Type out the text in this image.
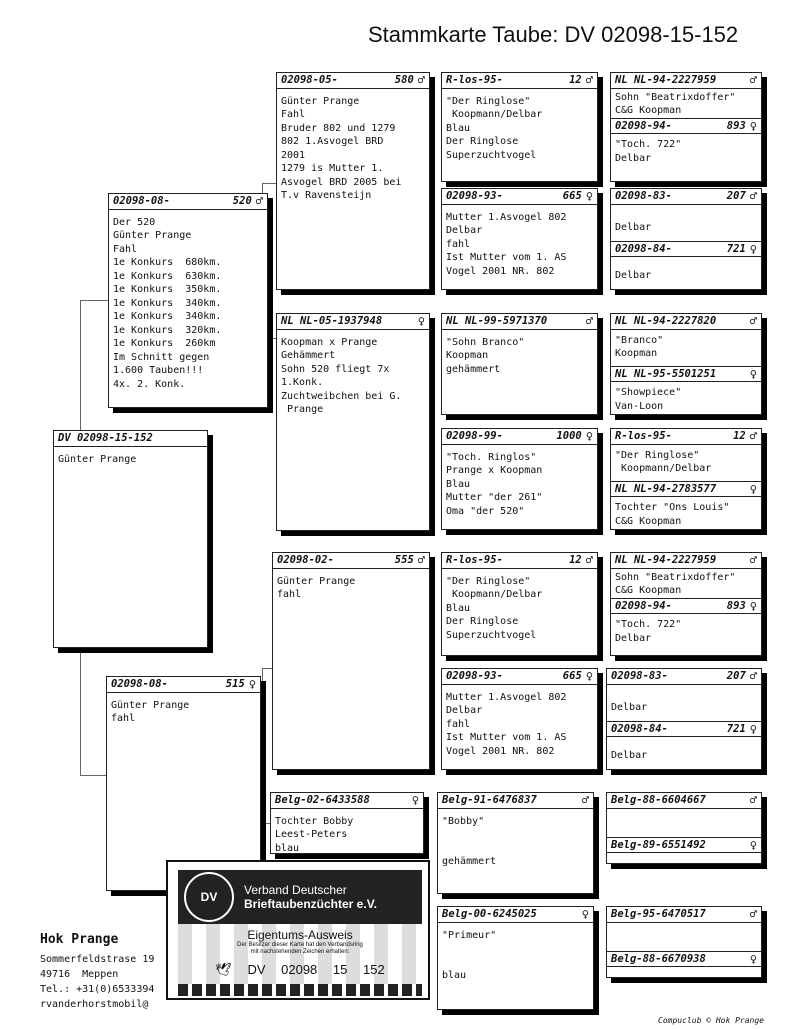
Stammkarte Taube: DV 02098-15-152
DV 02098-15-152
Günter Prange
02098-08-	520 ♂
Der 520
Günter Prange
Fahl
1e Konkurs  680km.
1e Konkurs  630km.
1e Konkurs  350km.
1e Konkurs  340km.
1e Konkurs  340km.
1e Konkurs  320km.
1e Konkurs  260km
Im Schnitt gegen
1.600 Tauben!!!
4x. 2. Konk.
02098-08-	515 ♀
Günter Prange
fahl
02098-05-	580 ♂
Günter Prange
Fahl
Bruder 802 und 1279
802 1.Asvogel BRD
2001
1279 is Mutter 1.
Asvogel BRD 2005 bei
T.v Ravensteijn
NL NL-05-1937948	♀
Koopman x Prange
Gehämmert
Sohn 520 fliegt 7x
1.Konk.
Zuchtweibchen bei G.
Prange
02098-02-	555 ♂
Günter Prange
fahl
Belg-02-6433588	♀
Tochter Bobby
Leest-Peters
blau
R-los-95-	12 ♂
"Der Ringlose"
Koopmann/Delbar
Blau
Der Ringlose
Superzuchtvogel
02098-93-	665 ♀
Mutter 1.Asvogel 802
Delbar
fahl
Ist Mutter vom 1. AS
Vogel 2001 NR. 802
NL NL-99-5971370	♂
"Sohn Branco"
Koopman
gehämmert
02098-99-	1000 ♀
"Toch. Ringlos"
Prange x Koopman
Blau
Mutter "der 261"
Oma "der 520"
R-los-95-	12 ♂
"Der Ringlose"
Koopmann/Delbar
Blau
Der Ringlose
Superzuchtvogel
02098-93-	665 ♀
Mutter 1.Asvogel 802
Delbar
fahl
Ist Mutter vom 1. AS
Vogel 2001 NR. 802
Belg-91-6476837	♂
"Bobby"

gehämmert
Belg-00-6245025	♀
"Primeur"

blau
NL NL-94-2227959	♂
Sohn "Beatrixdoffer"
C&G Koopman
02098-94-	893 ♀
"Toch. 722"
Delbar
02098-83-	207 ♂
Delbar
02098-84-	721 ♀
Delbar
NL NL-94-2227820	♂
"Branco"
Koopman
NL NL-95-5501251	♀
"Showpiece"
Van-Loon
R-los-95-	12 ♂
"Der Ringlose"
Koopmann/Delbar
NL NL-94-2783577	♀
Tochter "Ons Louis"
C&G Koopman
NL NL-94-2227959	♂
Sohn "Beatrixdoffer"
C&G Koopman
02098-94-	893 ♀
"Toch. 722"
Delbar
02098-83-	207 ♂
Delbar
02098-84-	721 ♀
Delbar
Belg-88-6604667	♂
Belg-89-6551492	♀
Belg-95-6470517	♂
Belg-88-6670938	♀
DV	Verband Deutscher
Brieftaubenzüchter e.V.
Eigentums-Ausweis
Der Besitzer dieser Karte hat den Verbandsring
mit nachstehenden Zeichen erhalten:
🕊 DV 02098 15 152
Hok Prange
Sommerfeldstrase 19
49716  Meppen
Tel.: +31(0)6533394
rvanderhorstmobil@
Compuclub © Hok Prange
